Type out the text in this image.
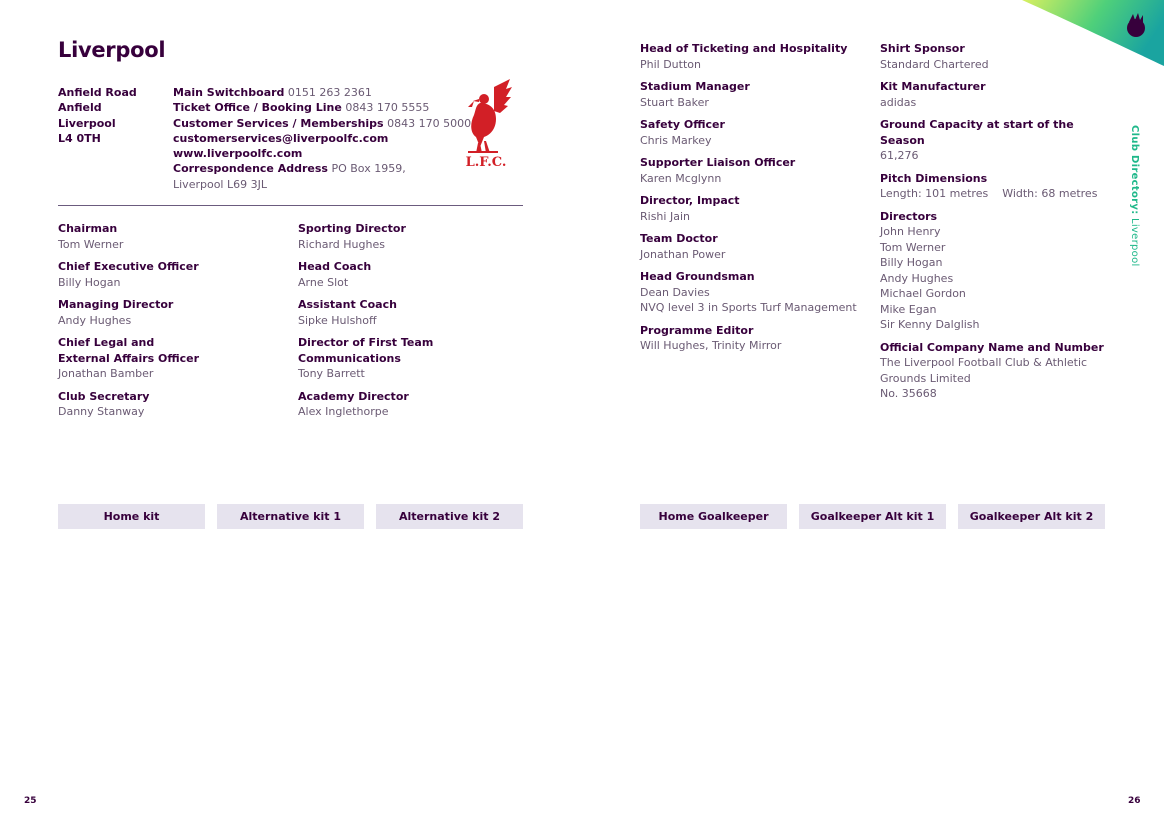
Liverpool
Anfield Road
Anfield
Liverpool
L4 0TH
Main Switchboard 0151 263 2361
Ticket Office / Booking Line 0843 170 5555
Customer Services / Memberships 0843 170 5000
customerservices@liverpoolfc.com
www.liverpoolfc.com
Correspondence Address PO Box 1959,
Liverpool L69 3JL
L.F.C.
Chairman
Tom Werner
Chief Executive Officer
Billy Hogan
Managing Director
Andy Hughes
Chief Legal and
External Affairs Officer
Jonathan Bamber
Club Secretary
Danny Stanway
Sporting Director
Richard Hughes
Head Coach
Arne Slot
Assistant Coach
Sipke Hulshoff
Director of First Team Communications
Tony Barrett
Academy Director
Alex Inglethorpe
Home kit	Alternative kit 1	Alternative kit 2
25
Head of Ticketing and Hospitality
Phil Dutton
Stadium Manager
Stuart Baker
Safety Officer
Chris Markey
Supporter Liaison Officer
Karen Mcglynn
Director, Impact
Rishi Jain
Team Doctor
Jonathan Power
Head Groundsman
Dean Davies
NVQ level 3 in Sports Turf Management
Programme Editor
Will Hughes, Trinity Mirror
Shirt Sponsor
Standard Chartered
Kit Manufacturer
adidas
Ground Capacity at start of the Season
61,276
Pitch Dimensions
Length: 101 metres    Width: 68 metres
Directors
John Henry
Tom Werner
Billy Hogan
Andy Hughes
Michael Gordon
Mike Egan
Sir Kenny Dalglish
Official Company Name and Number
The Liverpool Football Club & Athletic
Grounds Limited
No. 35668
Club Directory: Liverpool
Home Goalkeeper	Goalkeeper Alt kit 1	Goalkeeper Alt kit 2
26
